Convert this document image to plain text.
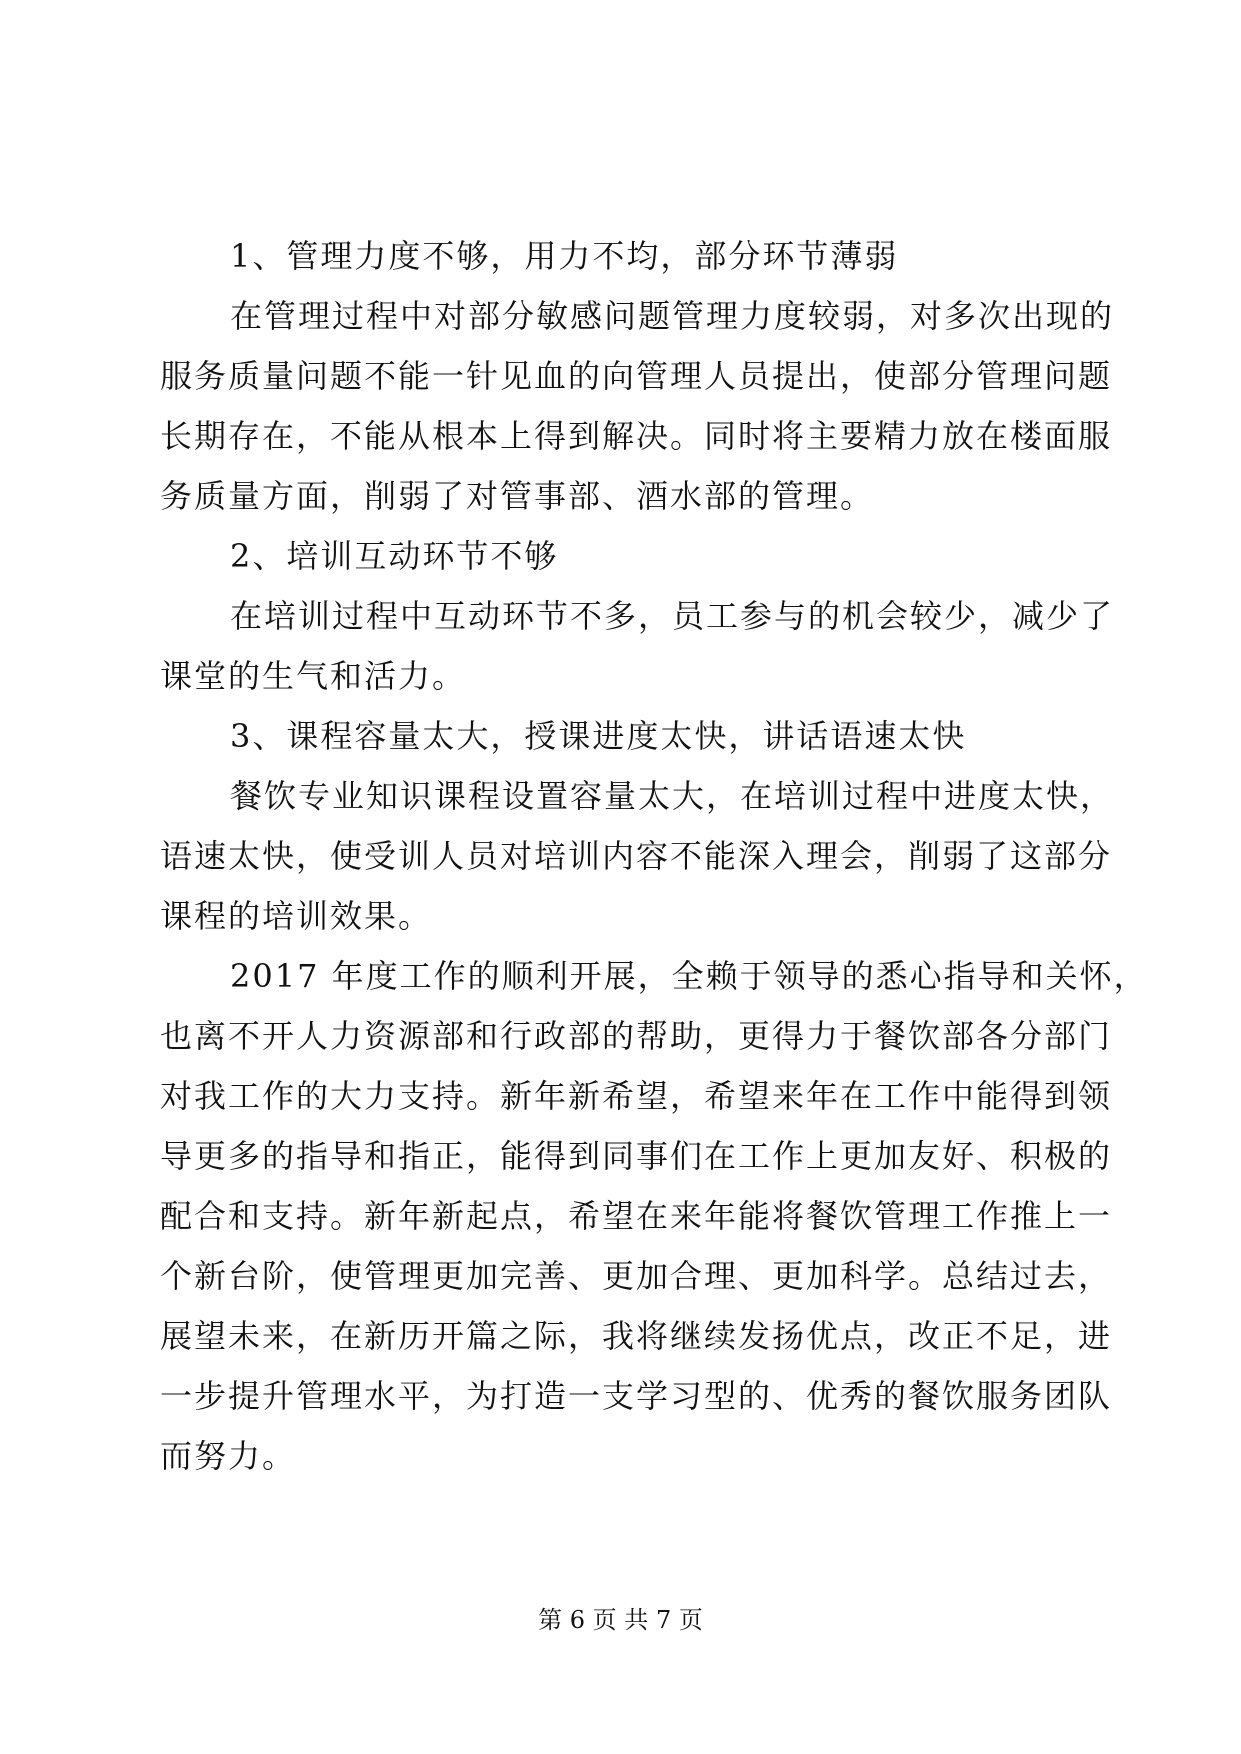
1、管理力度不够，用力不均，部分环节薄弱
在管理过程中对部分敏感问题管理力度较弱，对多次出现的
服务质量问题不能一针见血的向管理人员提出，使部分管理问题
长期存在，不能从根本上得到解决。同时将主要精力放在楼面服
务质量方面，削弱了对管事部、酒水部的管理。
2、培训互动环节不够
在培训过程中互动环节不多，员工参与的机会较少，减少了
课堂的生气和活力。
3、课程容量太大，授课进度太快，讲话语速太快
餐饮专业知识课程设置容量太大，在培训过程中进度太快，
语速太快，使受训人员对培训内容不能深入理会，削弱了这部分
课程的培训效果。
2017 年度工作的顺利开展，全赖于领导的悉心指导和关怀，
也离不开人力资源部和行政部的帮助，更得力于餐饮部各分部门
对我工作的大力支持。新年新希望，希望来年在工作中能得到领
导更多的指导和指正，能得到同事们在工作上更加友好、积极的
配合和支持。新年新起点，希望在来年能将餐饮管理工作推上一
个新台阶，使管理更加完善、更加合理、更加科学。总结过去，
展望未来，在新历开篇之际，我将继续发扬优点，改正不足，进
一步提升管理水平，为打造一支学习型的、优秀的餐饮服务团队
而努力。
第 6 页 共 7 页
